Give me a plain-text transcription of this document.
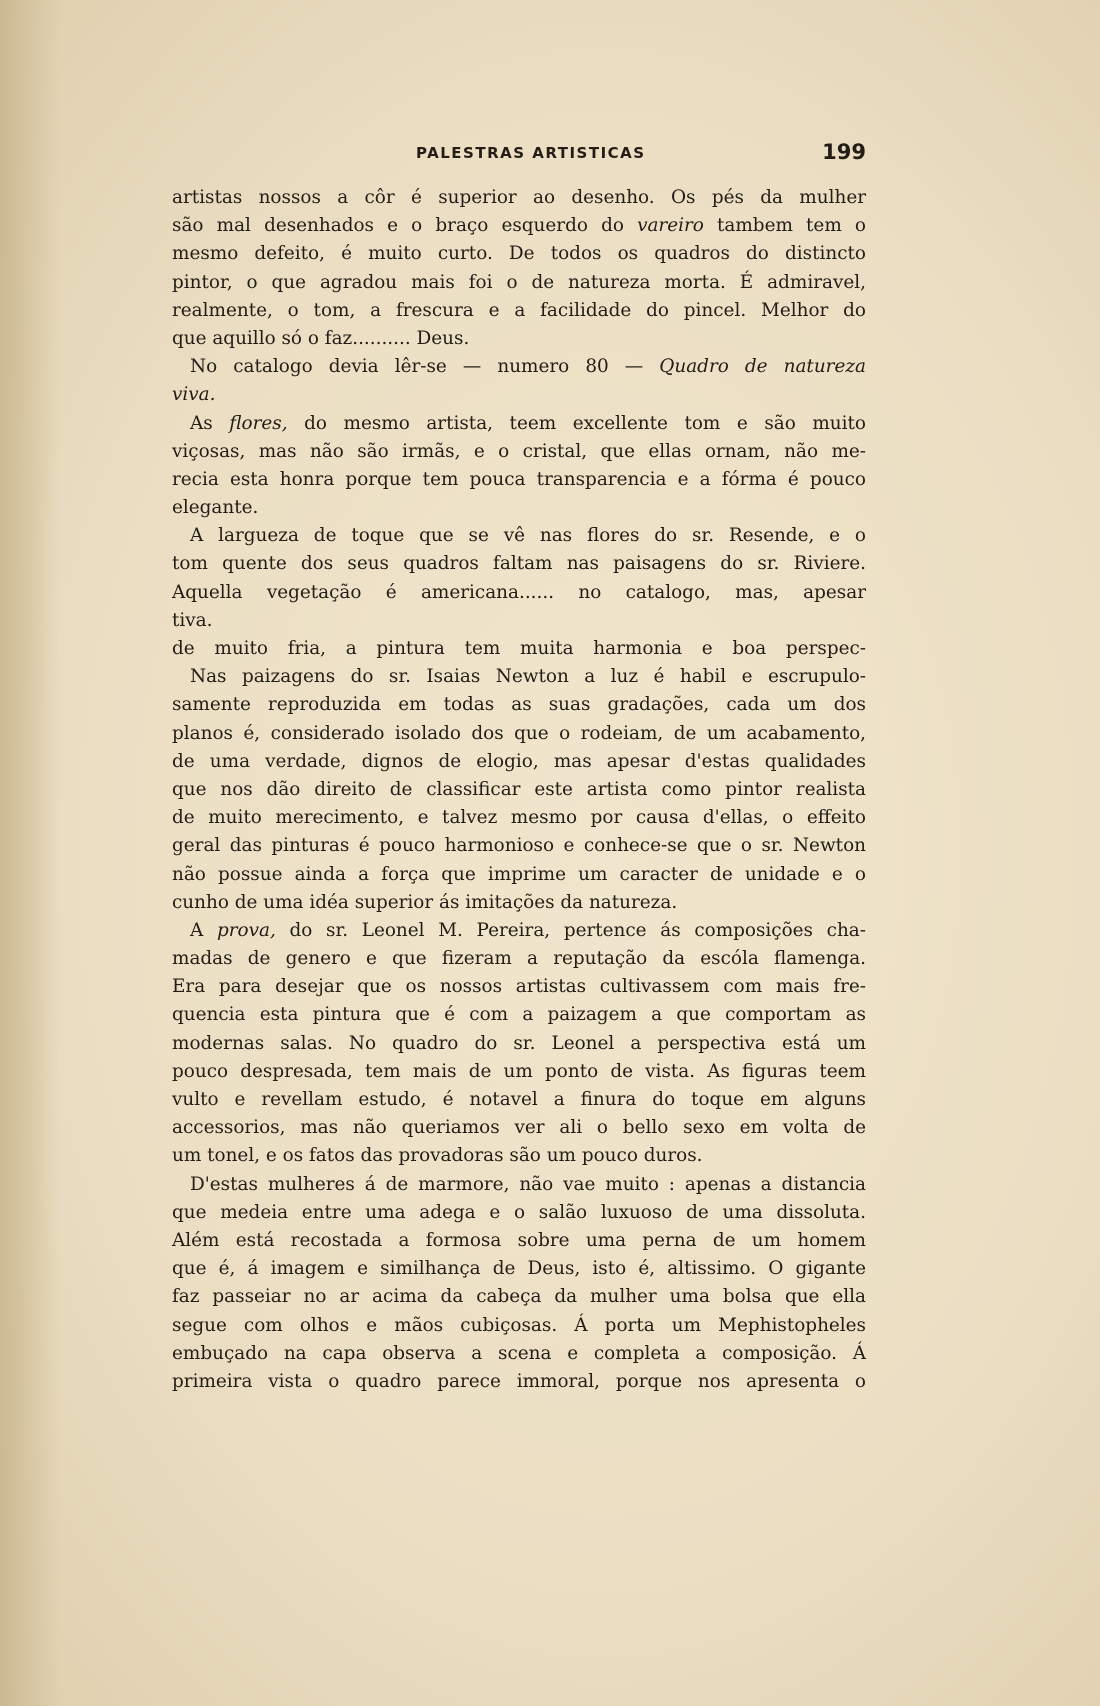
PALESTRAS ARTISTICAS	199
artistas nossos a côr é superior ao desenho. Os pés da mulher
são mal desenhados e o braço esquerdo do vareiro tambem tem o
mesmo defeito, é muito curto. De todos os quadros do distincto
pintor, o que agradou mais foi o de natureza morta. É admiravel,
realmente, o tom, a frescura e a facilidade do pincel. Melhor do
que aquillo só o faz.......... Deus.
No catalogo devia lêr-se — numero 80 — Quadro de natureza
viva.
As flores, do mesmo artista, teem excellente tom e são muito
viçosas, mas não são irmãs, e o cristal, que ellas ornam, não me-
recia esta honra porque tem pouca transparencia e a fórma é pouco
elegante.
A largueza de toque que se vê nas flores do sr. Resende, e o
tom quente dos seus quadros faltam nas paisagens do sr. Riviere.
Aquella vegetação é americana...... no catalogo, mas, apesar
tiva.
de muito fria, a pintura tem muita harmonia e boa perspec-
Nas paizagens do sr. Isaias Newton a luz é habil e escrupulo-
samente reproduzida em todas as suas gradações, cada um dos
planos é, considerado isolado dos que o rodeiam, de um acabamento,
de uma verdade, dignos de elogio, mas apesar d'estas qualidades
que nos dão direito de classificar este artista como pintor realista
de muito merecimento, e talvez mesmo por causa d'ellas, o effeito
geral das pinturas é pouco harmonioso e conhece-se que o sr. Newton
não possue ainda a força que imprime um caracter de unidade e o
cunho de uma idéa superior ás imitações da natureza.
A prova, do sr. Leonel M. Pereira, pertence ás composições cha-
madas de genero e que fizeram a reputação da escóla flamenga.
Era para desejar que os nossos artistas cultivassem com mais fre-
quencia esta pintura que é com a paizagem a que comportam as
modernas salas. No quadro do sr. Leonel a perspectiva está um
pouco despresada, tem mais de um ponto de vista. As figuras teem
vulto e revellam estudo, é notavel a finura do toque em alguns
accessorios, mas não queriamos ver ali o bello sexo em volta de
um tonel, e os fatos das provadoras são um pouco duros.
D'estas mulheres á de marmore, não vae muito : apenas a distancia
que medeia entre uma adega e o salão luxuoso de uma dissoluta.
Além está recostada a formosa sobre uma perna de um homem
que é, á imagem e similhança de Deus, isto é, altissimo. O gigante
faz passeiar no ar acima da cabeça da mulher uma bolsa que ella
segue com olhos e mãos cubiçosas. Á porta um Mephistopheles
embuçado na capa observa a scena e completa a composição. Á
primeira vista o quadro parece immoral, porque nos apresenta o
